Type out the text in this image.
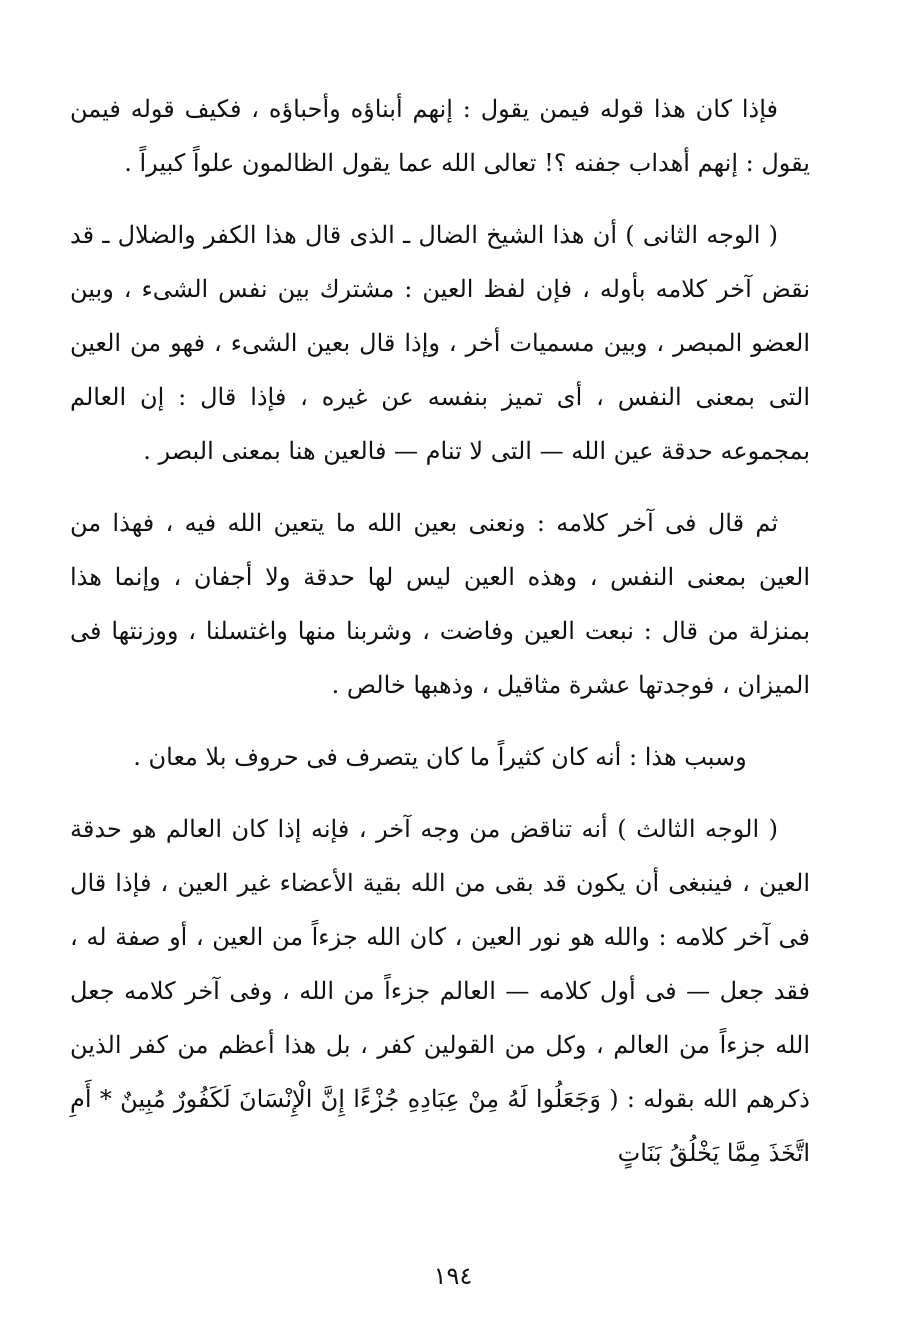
فإذا كان هذا قوله فيمن يقول : إنهم أبناؤه وأحباؤه ، فكيف قوله فيمن يقول : إنهم أهداب جفنه ؟! تعالى الله عما يقول الظالمون علواً كبيراً .

( الوجه الثانى ) أن هذا الشيخ الضال ـ الذى قال هذا الكفر والضلال ـ قد نقض آخر كلامه بأوله ، فإن لفظ العين : مشترك بين نفس الشىء ، وبين العضو المبصر ، وبين مسميات أخر ، وإذا قال بعين الشىء ، فهو من العين التى بمعنى النفس ، أى تميز بنفسه عن غيره ، فإذا قال : إن العالم بمجموعه حدقة عين الله — التى لا تنام — فالعين هنا بمعنى البصر .

ثم قال فى آخر كلامه : ونعنى بعين الله ما يتعين الله فيه ، فهذا من العين بمعنى النفس ، وهذه العين ليس لها حدقة ولا أجفان ، وإنما هذا بمنزلة من قال : نبعت العين وفاضت ، وشربنا منها واغتسلنا ، ووزنتها فى الميزان ، فوجدتها عشرة مثاقيل ، وذهبها خالص .

وسبب هذا : أنه كان كثيراً ما كان يتصرف فى حروف بلا معان .

( الوجه الثالث ) أنه تناقض من وجه آخر ، فإنه إذا كان العالم هو حدقة العين ، فينبغى أن يكون قد بقى من الله بقية الأعضاء غير العين ، فإذا قال فى آخر كلامه : والله هو نور العين ، كان الله جزءاً من العين ، أو صفة له ، فقد جعل — فى أول كلامه — العالم جزءاً من الله ، وفى آخر كلامه جعل الله جزءاً من العالم ، وكل من القولين كفر ، بل هذا أعظم من كفر الذين ذكرهم الله بقوله : ( وَجَعَلُوا لَهُ مِنْ عِبَادِهِ جُزْءًا إِنَّ الْإِنْسَانَ لَكَفُورٌ مُبِينٌ * أَمِ اتَّخَذَ مِمَّا يَخْلُقُ بَنَاتٍ

١٩٤
